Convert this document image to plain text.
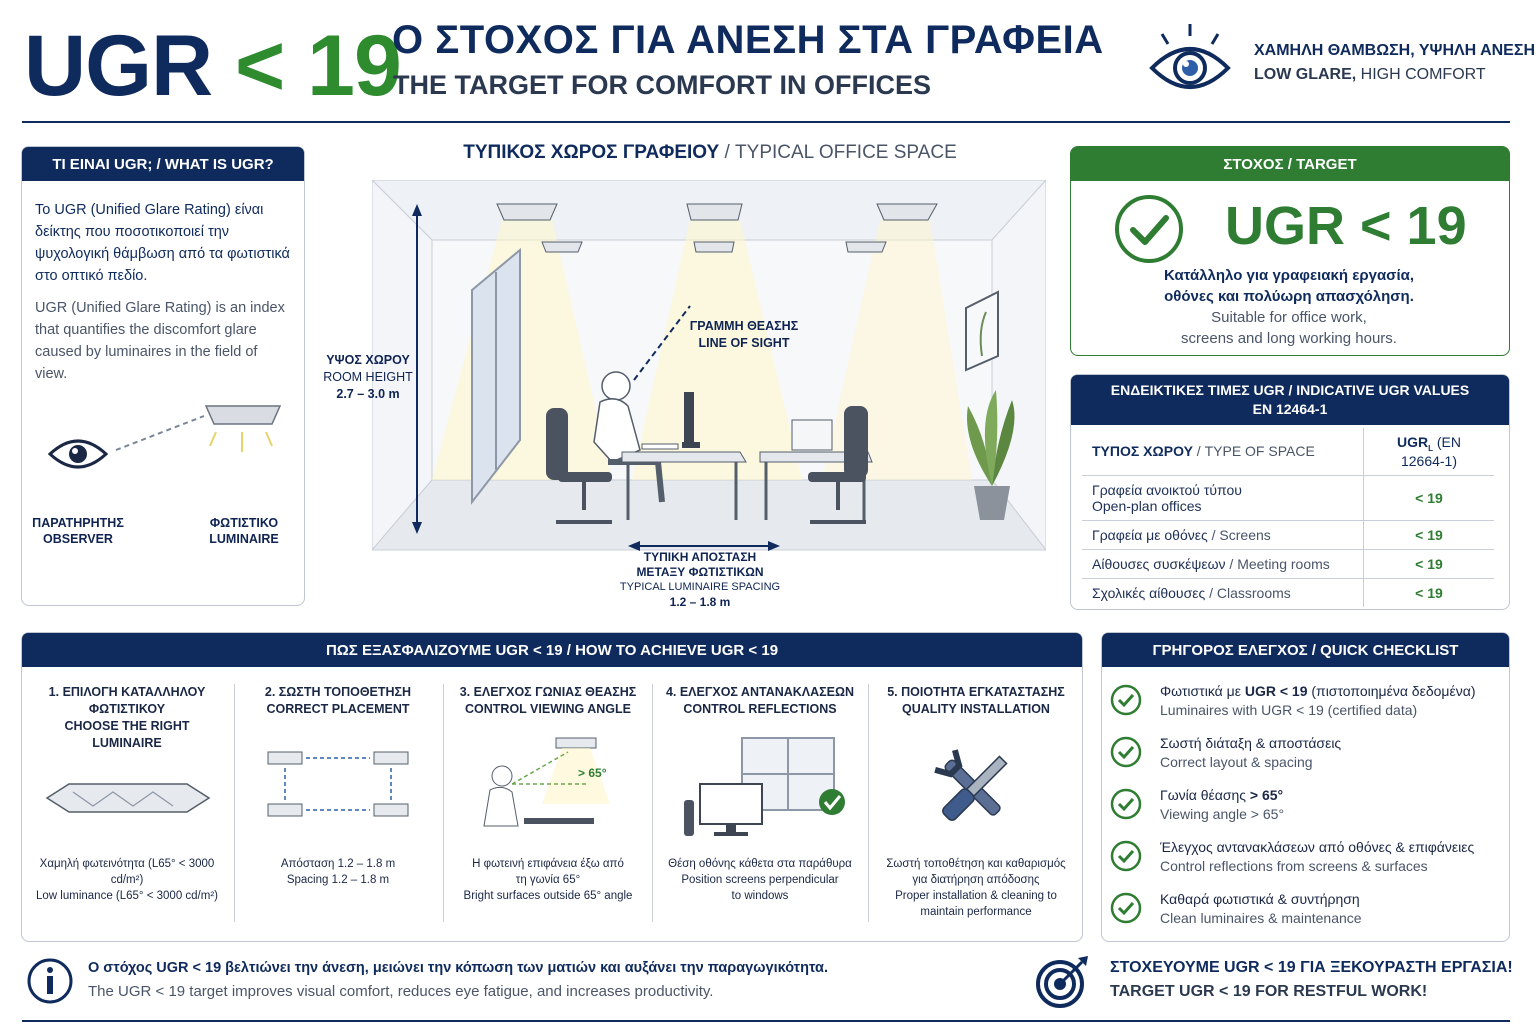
UGR < 19
Ο ΣΤΟΧΟΣ ΓΙΑ ΑΝΕΣΗ ΣΤΑ ΓΡΑΦΕΙΑ
THE TARGET FOR COMFORT IN OFFICES
ΧΑΜΗΛΗ ΘΑΜΒΩΣΗ, ΥΨΗΛΗ ΑΝΕΣΗ
LOW GLARE, HIGH COMFORT
ΤΙ ΕΙΝΑΙ UGR; / WHAT IS UGR?
Το UGR (Unified Glare Rating) είναι δείκτης που ποσοτικοποιεί την ψυχολογική θάμβωση από τα φωτιστικά στο οπτικό πεδίο.
UGR (Unified Glare Rating) is an index that quantifies the discomfort glare caused by luminaires in the field of view.
ΠΑΡΑΤΗΡΗΤΗΣ
OBSERVER
ΦΩΤΙΣΤΙΚΟ
LUMINAIRE
ΤΥΠΙΚΟΣ ΧΩΡΟΣ ΓΡΑΦΕΙΟΥ / TYPICAL OFFICE SPACE
ΥΨΟΣ ΧΩΡΟΥ
ROOM HEIGHT
2.7 – 3.0 m
ΓΡΑΜΜΗ ΘΕΑΣΗΣ
LINE OF SIGHT
ΤΥΠΙΚΗ ΑΠΟΣΤΑΣΗ
ΜΕΤΑΞΥ ΦΩΤΙΣΤΙΚΩΝ
TYPICAL LUMINAIRE SPACING
1.2 – 1.8 m
ΣΤΟΧΟΣ / TARGET
UGR < 19
Κατάλληλο για γραφειακή εργασία,
οθόνες και πολύωρη απασχόληση.
Suitable for office work,
screens and long working hours.
ΕΝΔΕΙΚΤΙΚΕΣ ΤΙΜΕΣ UGR / INDICATIVE UGR VALUES
EN 12464-1
ΤΥΠΟΣ ΧΩΡΟΥ / TYPE OF SPACE	$UGR_L$ (EN 12664-1)

Γραφεία ανοικτού τύπου
Open-plan offices	< 19
Γραφεία με οθόνες / Screens	< 19
Αίθουσες συσκέψεων / Meeting rooms	< 19
Σχολικές αίθουσες / Classrooms	< 19
ΠΩΣ ΕΞΑΣΦΑΛΙΖΟΥΜΕ UGR < 19 / HOW TO ACHIEVE UGR < 19
1. ΕΠΙΛΟΓΗ ΚΑΤΑΛΛΗΛΟΥ
ΦΩΤΙΣΤΙΚΟΥ
CHOOSE THE RIGHT
LUMINAIRE
Χαμηλή φωτεινότητα (L65° < 3000 cd/m²)
Low luminance (L65° < 3000 cd/m²)
2. ΣΩΣΤΗ ΤΟΠΟΘΕΤΗΣΗ
CORRECT PLACEMENT
Απόσταση 1.2 – 1.8 m
Spacing 1.2 – 1.8 m
3. ΕΛΕΓΧΟΣ ΓΩΝΙΑΣ ΘΕΑΣΗΣ
CONTROL VIEWING ANGLE
> 65°
Η φωτεινή επιφάνεια έξω από
τη γωνία 65°
Bright surfaces outside 65° angle
4. ΕΛΕΓΧΟΣ ΑΝΤΑΝΑΚΛΑΣΕΩΝ
CONTROL REFLECTIONS
Θέση οθόνης κάθετα στα παράθυρα
Position screens perpendicular
to windows
5. ΠΟΙΟΤΗΤΑ ΕΓΚΑΤΑΣΤΑΣΗΣ
QUALITY INSTALLATION
Σωστή τοποθέτηση και καθαρισμός
για διατήρηση απόδοσης
Proper installation & cleaning to
maintain performance
ΓΡΗΓΟΡΟΣ ΕΛΕΓΧΟΣ / QUICK CHECKLIST
Φωτιστικά με UGR < 19 (πιστοποιημένα δεδομένα)
Luminaires with UGR < 19 (certified data)
Σωστή διάταξη & αποστάσεις
Correct layout & spacing
Γωνία θέασης > 65°
Viewing angle > 65°
Έλεγχος αντανακλάσεων από οθόνες & επιφάνειες
Control reflections from screens & surfaces
Καθαρά φωτιστικά & συντήρηση
Clean luminaires & maintenance
Ο στόχος UGR < 19 βελτιώνει την άνεση, μειώνει την κόπωση των ματιών και αυξάνει την παραγωγικότητα.
The UGR < 19 target improves visual comfort, reduces eye fatigue, and increases productivity.
ΣΤΟΧΕΥΟΥΜΕ UGR < 19 ΓΙΑ ΞΕΚΟΥΡΑΣΤΗ ΕΡΓΑΣΙΑ!
TARGET UGR < 19 FOR RESTFUL WORK!
